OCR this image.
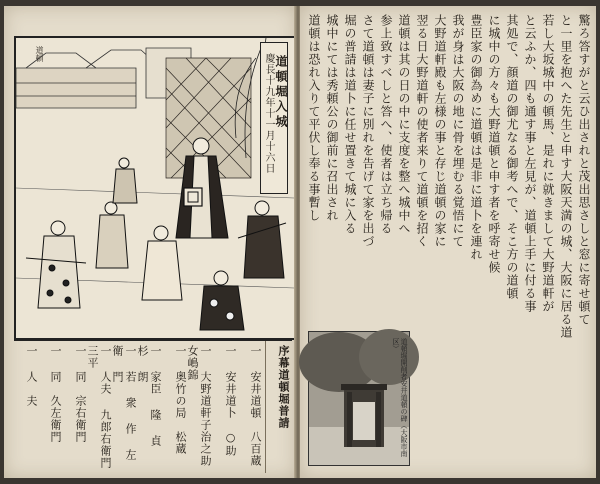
道頓
道頓堀入城
慶長十九年十一月十六日
序幕道頓堀普請
一 安井道頓　八百蔵
一 安井道卜　○助
一 大野道軒子治之助　女嶋錦
一 奥竹の局　松蔵
一 家臣 隆 貞 杉 朗
一 若 衆 作 左 衛 門
一 人夫 九郎右衛門 三平
一 同　宗右衛門
一 同　久左衛門
一 人　夫
驚ろ答すがと云ひ出されと茂出思さしと窓に寄せ頓て
と一里を抱へた先生と申す大阪天満の城、大阪に居る道
若し大坂城中の頓馬、是れに就きまして大野道軒が
と云ふか、四も通す事と左見が、道頓上手に付る事
其処で、顔道の御尤なる御考へで、そこ方の道頓
に城中の方々も大野道頓と申す者を呼寄せ候
豊臣家の御為めに道頓は是非に道卜を連れ
我が身は大阪の地に骨を埋むる覚悟にて
大野道軒殿も左様の事と存じ道頓の家に
翌る日大野道軒の使者来りて道頓を招く
道頓は其の日の中に支度を整へ城中へ
参上致すべしと答へ、使者は立ち帰る
さて道頓は妻子に別れを告げて家を出づ
堀の普請は道卜に任せ置きて城に入る
城中にては秀頼公の御前に召出され
道頓は恐れ入りて平伏し奉る事暫し
道頓堀開削者安井道頓の碑（大阪市南区）
